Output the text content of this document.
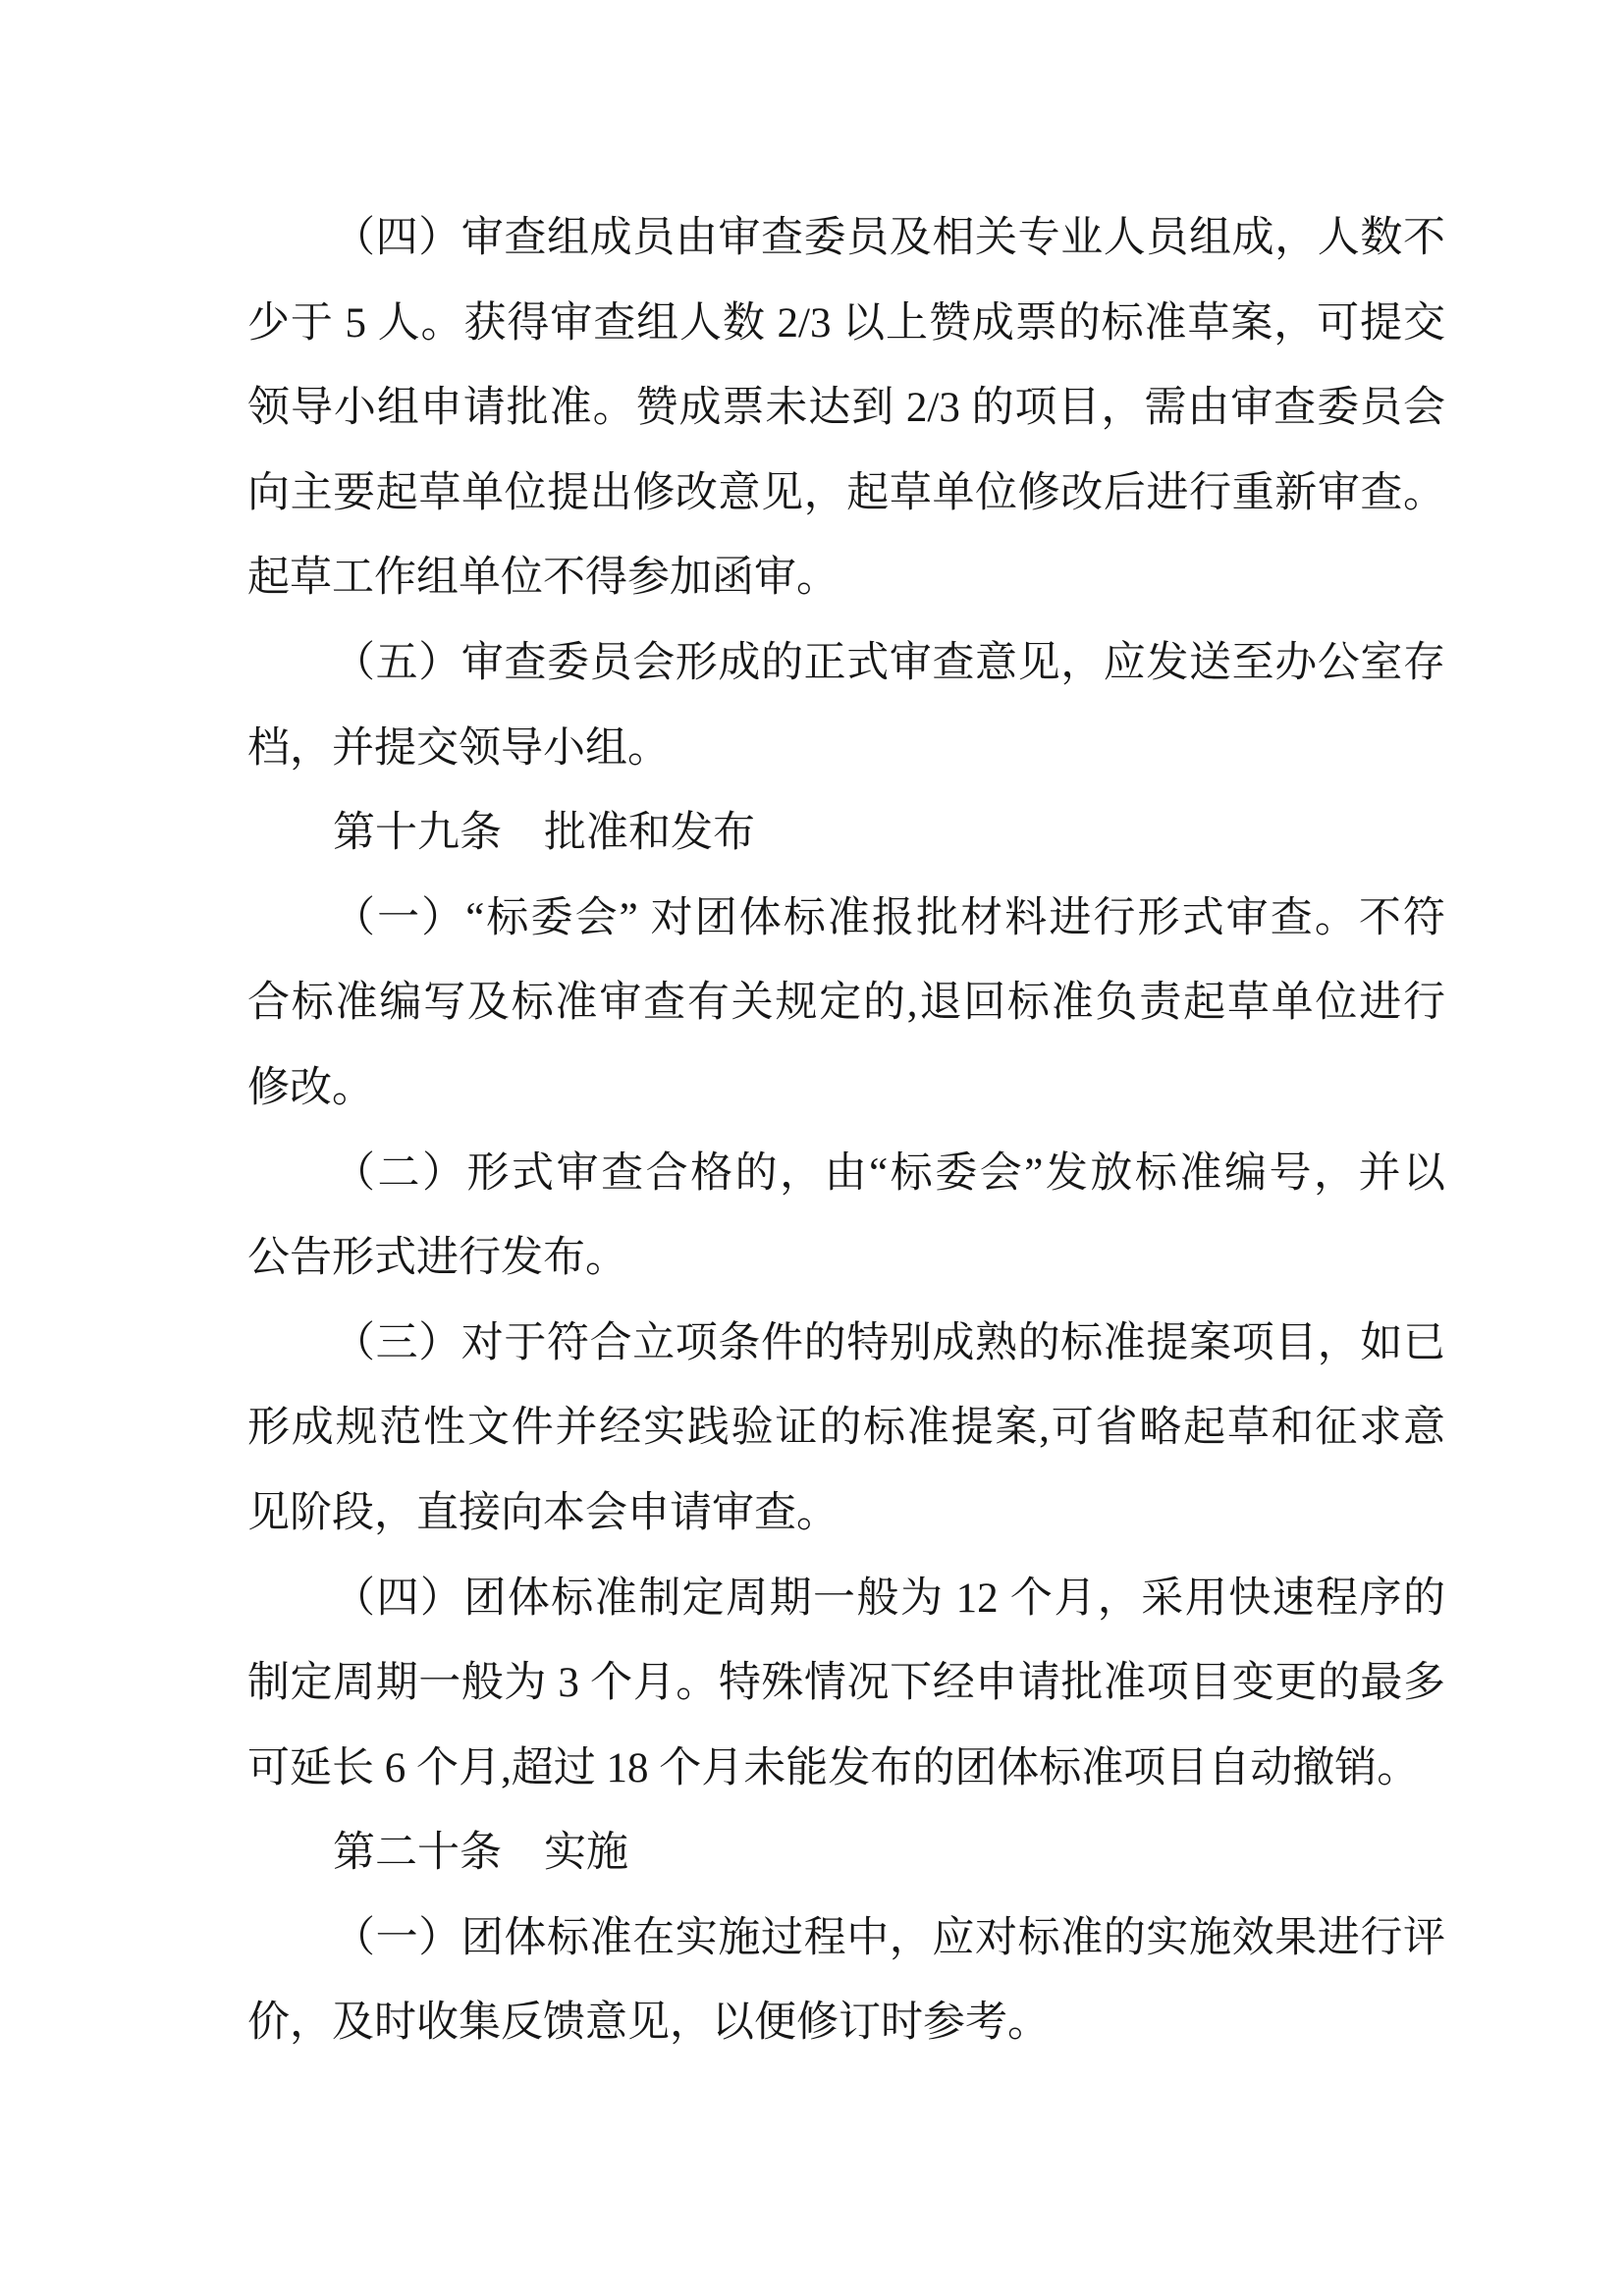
（四）审查组成员由审查委员及相关专业人员组成，人数不
少于 5 人。获得审查组人数 2/3 以上赞成票的标准草案，可提交
领导小组申请批准。赞成票未达到 2/3 的项目，需由审查委员会
向主要起草单位提出修改意见，起草单位修改后进行重新审查。
起草工作组单位不得参加函审。
（五）审查委员会形成的正式审查意见，应发送至办公室存
档，并提交领导小组。
第十九条　批准和发布
（一）“标委会” 对团体标准报批材料进行形式审查。不符
合标准编写及标准审查有关规定的,退回标准负责起草单位进行
修改。
（二）形式审查合格的，由“标委会”发放标准编号，并以
公告形式进行发布。
（三）对于符合立项条件的特别成熟的标准提案项目，如已
形成规范性文件并经实践验证的标准提案,可省略起草和征求意
见阶段，直接向本会申请审查。
（四）团体标准制定周期一般为 12 个月，采用快速程序的
制定周期一般为 3 个月。特殊情况下经申请批准项目变更的最多
可延长 6 个月,超过 18 个月未能发布的团体标准项目自动撤销。
第二十条　实施
（一）团体标准在实施过程中，应对标准的实施效果进行评
价，及时收集反馈意见，以便修订时参考。
